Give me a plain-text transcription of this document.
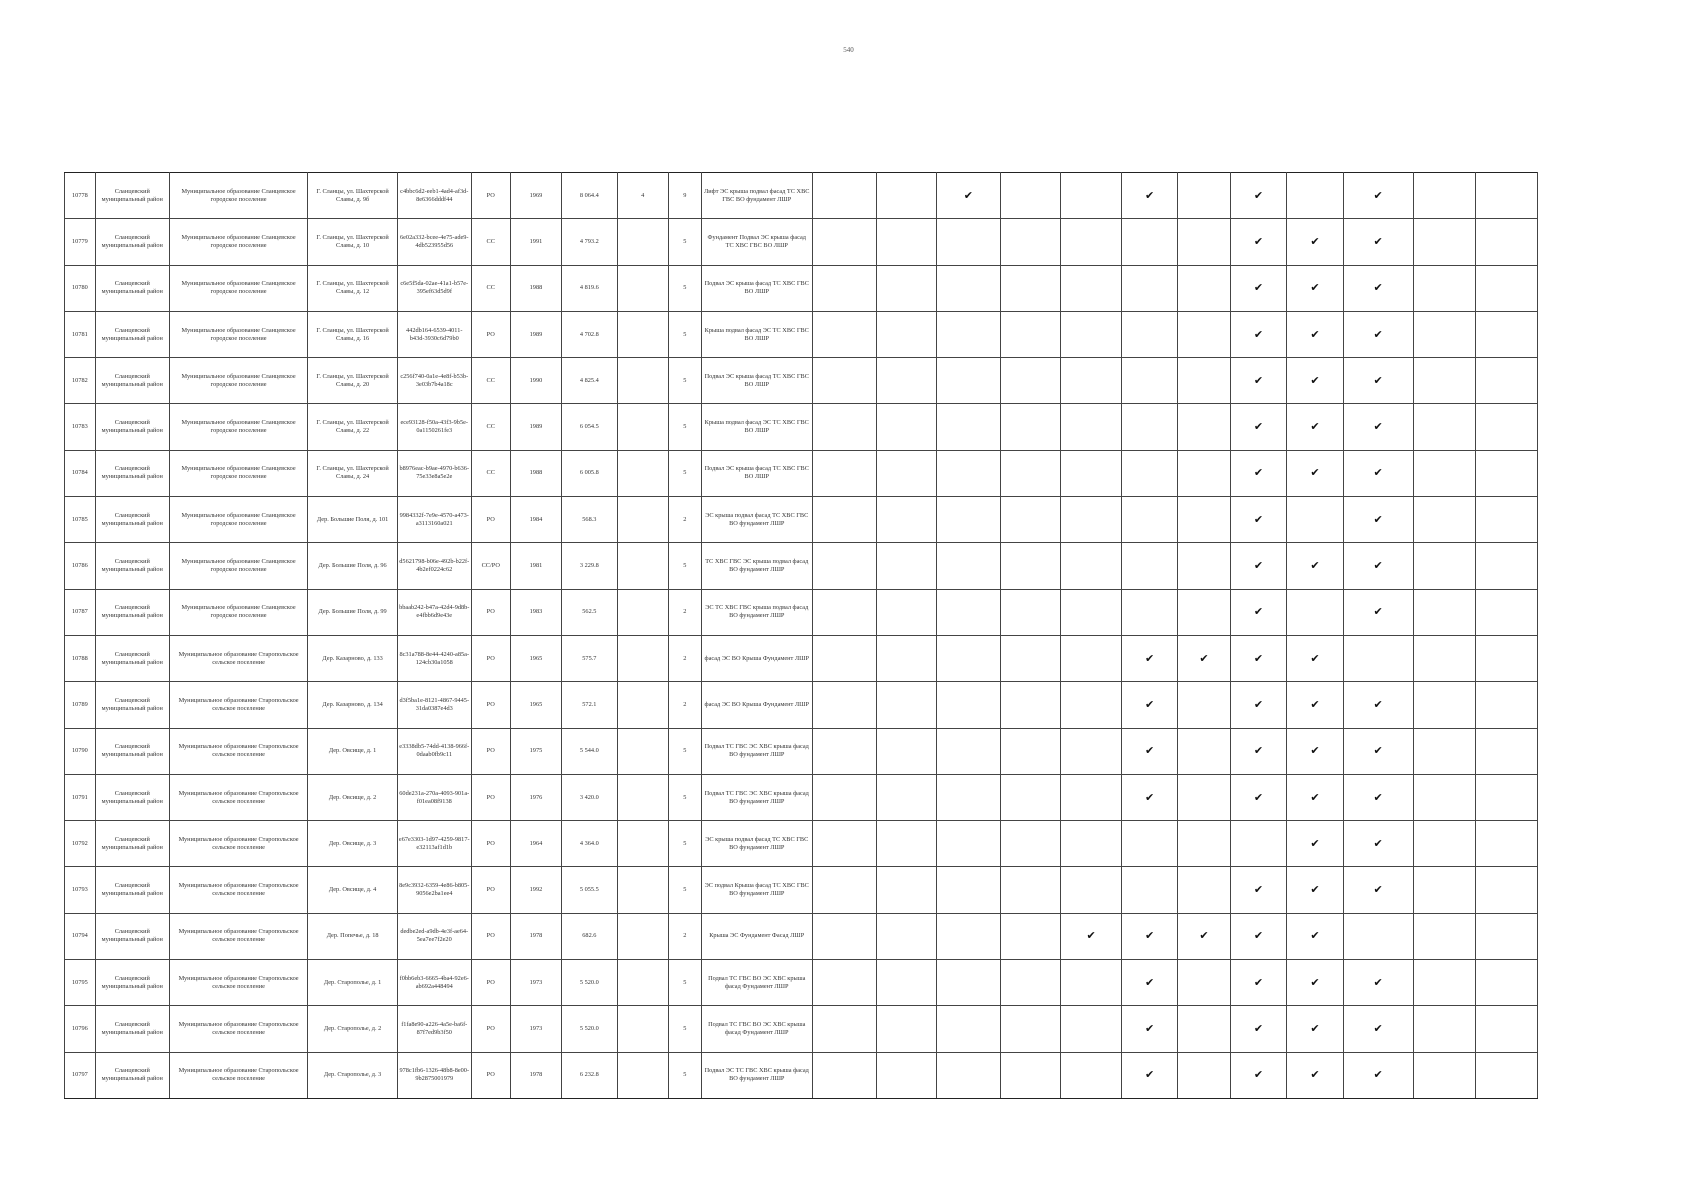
540
10778	Сланцевский муниципальный район	Муниципальное образование Сланцевское городское поселение	Г. Сланцы, ул. Шахтерской Славы, д. 9б	c4bbc6d2-eeb1-4ad4-af3d-8e6366dddf44	РО	1969	8 064.4	4	9	Лифт ЭС крыша подвал фасад ТС ХВС ГВС ВО фундамент ЛШР			✔			✔		✔		✔		
10779	Сланцевский муниципальный район	Муниципальное образование Сланцевское городское поселение	Г. Сланцы, ул. Шахтерской Славы, д. 10	6e02a332-bcee-4e75-ade9-4db523955d56	СС	1991	4 793.2		5	Фундамент Подвал ЭС крыша фасад ТС ХВС ГВС ВО ЛШР								✔	✔	✔		
10780	Сланцевский муниципальный район	Муниципальное образование Сланцевское городское поселение	Г. Сланцы, ул. Шахтерской Славы, д. 12	c6e5f5da-02ae-41a1-b57e-395ef63d5d9f	СС	1988	4 819.6		5	Подвал ЭС крыша фасад ТС ХВС ГВС ВО ЛШР								✔	✔	✔		
10781	Сланцевский муниципальный район	Муниципальное образование Сланцевское городское поселение	Г. Сланцы, ул. Шахтерской Славы, д. 16	442db164-6539-4011-b43d-3930c6d79b0	РО	1989	4 702.8		5	Крыша подвал фасад ЭС ТС ХВС ГВС ВО ЛШР								✔	✔	✔		
10782	Сланцевский муниципальный район	Муниципальное образование Сланцевское городское поселение	Г. Сланцы, ул. Шахтерской Славы, д. 20	c256f740-0a1e-4e8f-b53b-3e03b7b4a18c	СС	1990	4 825.4		5	Подвал ЭС крыша фасад ТС ХВС ГВС ВО ЛШР								✔	✔	✔		
10783	Сланцевский муниципальный район	Муниципальное образование Сланцевское городское поселение	Г. Сланцы, ул. Шахтерской Славы, д. 22	ece93128-f50a-43f3-9b5e-0a1150261fe3	СС	1989	6 054.5		5	Крыша подвал фасад ЭС ТС ХВС ГВС ВО ЛШР								✔	✔	✔		
10784	Сланцевский муниципальный район	Муниципальное образование Сланцевское городское поселение	Г. Сланцы, ул. Шахтерской Славы, д. 24	b8976eac-b9ae-4970-b636-75e33e8a5e2e	СС	1988	6 005.8		5	Подвал ЭС крыша фасад ТС ХВС ГВС ВО ЛШР								✔	✔	✔		
10785	Сланцевский муниципальный район	Муниципальное образование Сланцевское городское поселение	Дер. Большие Поля, д. 101	9984332f-7e9e-4570-a473-a3113160a021	РО	1984	568.3		2	ЭС крыша подвал фасад ТС ХВС ГВС ВО фундамент ЛШР								✔		✔		
10786	Сланцевский муниципальный район	Муниципальное образование Сланцевское городское поселение	Дер. Большие Поля, д. 96	d5621798-b06e-492b-b22f-4b2ef0224c62	СС/РО	1981	3 229.8		5	ТС ХВС ГВС ЭС крыша подвал фасад ВО фундамент ЛШР								✔	✔	✔		
10787	Сланцевский муниципальный район	Муниципальное образование Сланцевское городское поселение	Дер. Большие Поля, д. 99	bbaab242-b47a-42d4-9d8b-e4fbb6d9e43e	РО	1983	562.5		2	ЭС ТС ХВС ГВС крыша подвал фасад ВО фундамент ЛШР								✔		✔		
10788	Сланцевский муниципальный район	Муниципальное образование Старопольское сельское поселение	Дер. Казарново, д. 133	8c31a788-8e44-4240-a85a-124cb30a1058	РО	1965	575.7		2	фасад ЭС ВО Крыша Фундамент ЛШР						✔	✔	✔	✔			
10789	Сланцевский муниципальный район	Муниципальное образование Старопольское сельское поселение	Дер. Казарново, д. 134	d3f5ba1e-8121-4867-9445-31da0387e4d3	РО	1965	572.1		2	фасад ЭС ВО Крыша Фундамент ЛШР						✔		✔	✔	✔		
10790	Сланцевский муниципальный район	Муниципальное образование Старопольское сельское поселение	Дер. Овсище, д. 1	e3338db5-74dd-4138-966f-0daab0fb9c11	РО	1975	5 544.0		5	Подвал ТС ГВС ЭС ХВС крыша фасад ВО фундамент ЛШР						✔		✔	✔	✔		
10791	Сланцевский муниципальный район	Муниципальное образование Старопольское сельское поселение	Дер. Овсище, д. 2	60de231a-270a-4093-901a-f01ea08f9138	РО	1976	3 420.0		5	Подвал ТС ГВС ЭС ХВС крыша фасад ВО фундамент ЛШР						✔		✔	✔	✔		
10792	Сланцевский муниципальный район	Муниципальное образование Старопольское сельское поселение	Дер. Овсище, д. 3	e67e3303-1d97-4259-9817-e32113af1d1b	РО	1964	4 364.0		5	ЭС крыша подвал фасад ТС ХВС ГВС ВО фундамент ЛШР									✔	✔		
10793	Сланцевский муниципальный район	Муниципальное образование Старопольское сельское поселение	Дер. Овсище, д. 4	8e9c3932-6359-4e86-b805-9056e2ba1ee4	РО	1992	5 055.5		5	ЭС подвал Крыша фасад ТС ХВС ГВС ВО фундамент ЛШР								✔	✔	✔		
10794	Сланцевский муниципальный район	Муниципальное образование Старопольское сельское поселение	Дер. Попечье, д. 18	dedbe2ed-a9db-4e3f-ae64-5ea7ee7f2e20	РО	1978	682.6		2	Крыша ЭС Фундамент Фасад ЛШР					✔	✔	✔	✔	✔			
10795	Сланцевский муниципальный район	Муниципальное образование Старопольское сельское поселение	Дер. Старополье, д. 1	f0bb6eb3-6665-4ba4-92e6-ab692a448494	РО	1973	5 520.0		5	Подвал ТС ГВС ВО ЭС ХВС крыша фасад Фундамент ЛШР						✔		✔	✔	✔		
10796	Сланцевский муниципальный район	Муниципальное образование Старопольское сельское поселение	Дер. Старополье, д. 2	f1fa8e90-a226-4a5e-ba6f-87f7ed9b3f50	РО	1973	5 520.0		5	Подвал ТС ГВС ВО ЭС ХВС крыша фасад Фундамент ЛШР						✔		✔	✔	✔		
10797	Сланцевский муниципальный район	Муниципальное образование Старопольское сельское поселение	Дер. Старополье, д. 3	978c1fb6-1326-48b8-8e00-9b2875001979	РО	1978	6 232.8		5	Подвал ЭС ТС ГВС ХВС крыша фасад ВО фундамент ЛШР						✔		✔	✔	✔		
